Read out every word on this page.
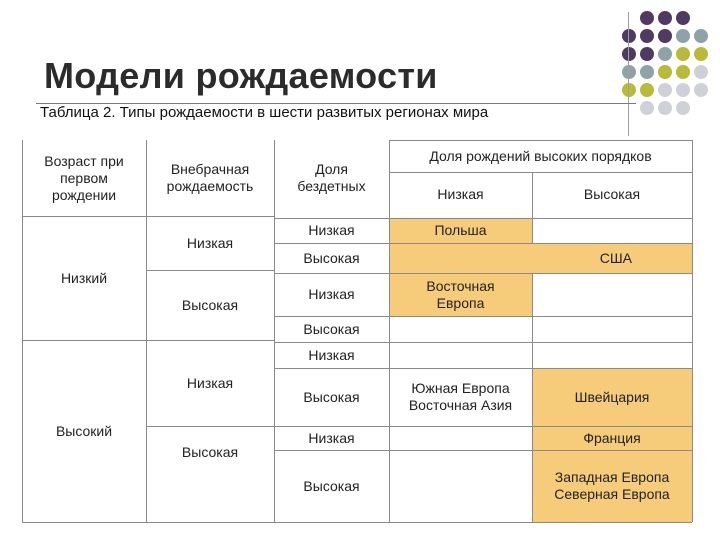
Модели рождаемости
Таблица 2. Типы рождаемости в шести развитых регионах мира
Польша
США
Восточная Европа
Швейцария
Франция
Западная Европа
Северная Европа
Возраст при первом рождении
Внебрачная рождаемость
Доля бездетных
Доля рождений высоких порядков
Низкая	Высокая
Низкий
Высокий
Низкая
Высокая
Низкая
Высокая
Низкая
Высокая
Низкая
Высокая
Низкая
Высокая
Низкая
Высокая
Южная Европа
Восточная Азия
